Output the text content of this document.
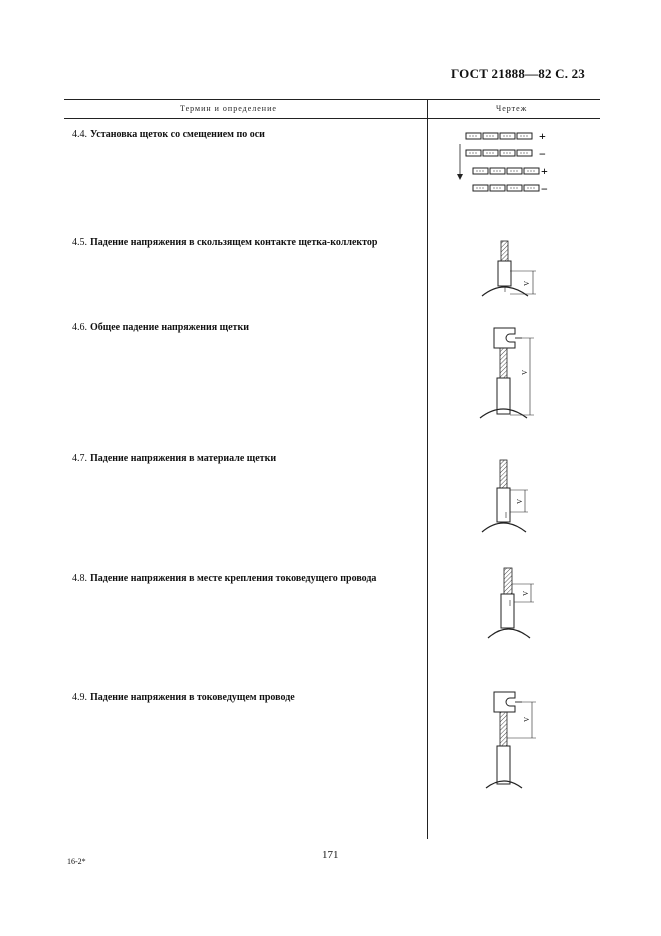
ГОСТ 21888—82 С. 23
Термин и определение	Чертеж
4.4. Установка щеток со смещением по оси
4.5. Падение напряжения в скользящем контакте щетка-коллектор
4.6. Общее падение напряжения щетки
4.7. Падение напряжения в материале щетки
4.8. Падение напряжения в месте крепления токоведущего провода
4.9. Падение напряжения в токоведущем проводе
+
−
+
−
V
V
V
V
V
16-2*
171
